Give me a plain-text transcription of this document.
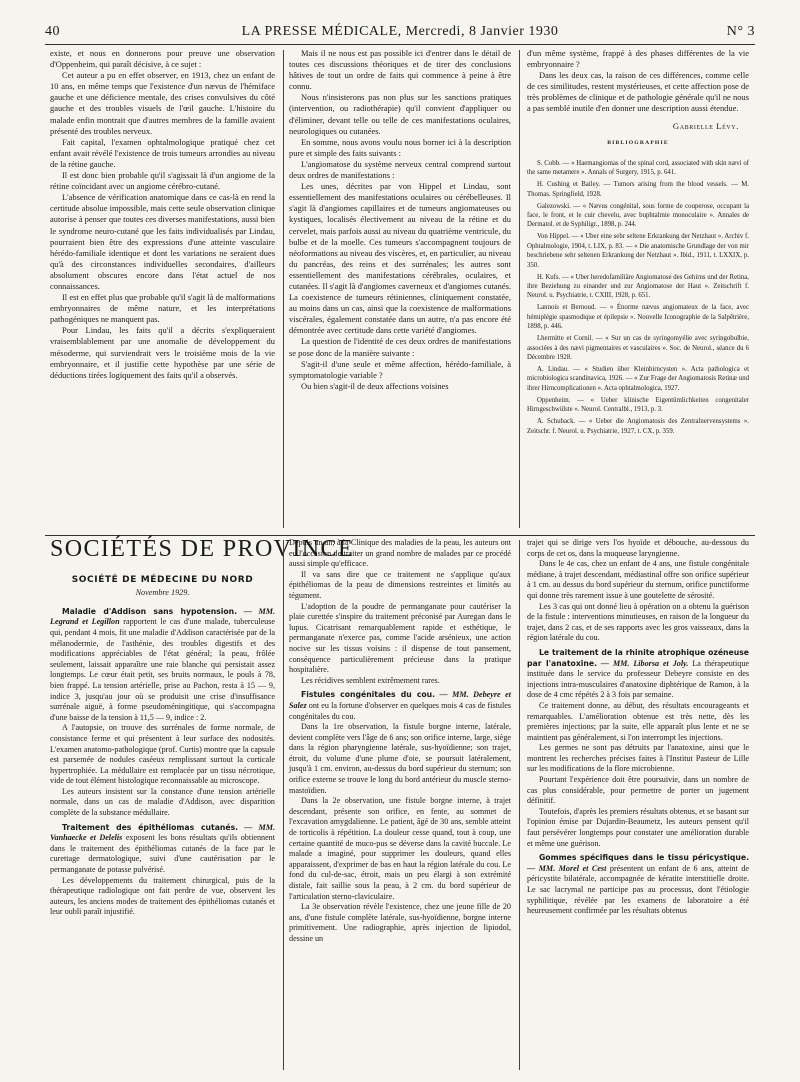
40	LA PRESSE MÉDICALE, Mercredi, 8 Janvier 1930	N° 3

existe, et nous en donnerons pour preuve une observation d'Oppenheim, qui paraît décisive, à ce sujet :

Cet auteur a pu en effet observer, en 1913, chez un enfant de 10 ans, en même temps que l'existence d'un nævus de l'hémiface gauche et une déficience mentale, des crises convulsives du côté gauche et des troubles visuels de l'œil gauche. L'histoire du malade enfin montrait que d'autres membres de la famille avaient présenté des troubles nerveux.

Fait capital, l'examen ophtalmologique pratiqué chez cet enfant avait révélé l'existence de trois tumeurs arrondies au niveau de la rétine gauche.

Il est donc bien probable qu'il s'agissait là d'un angiome de la rétine coïncidant avec un angiome cérébro-cutané.

L'absence de vérification anatomique dans ce cas-là en rend la certitude absolue impossible, mais cette seule observation clinique autorise à penser que toutes ces diverses manifestations, aussi bien le syndrome neuro-cutané que les faits individualisés par Lindau, pourraient bien être des expressions d'une atteinte vasculaire hérédo-familiale identique et dont les variations ne seraient dues qu'à des circonstances individuelles secondaires, d'ailleurs absolument obscures encore dans l'état actuel de nos connaissances.

Il est en effet plus que probable qu'il s'agit là de malformations embryonnaires de même nature, et les interprétations pathogéniques ne manquent pas.

Pour Lindau, les faits qu'il a décrits s'expliqueraient vraisemblablement par une anomalie de développement du mésoderme, qui surviendrait vers le troisième mois de la vie embryonnaire, et il justifie cette hypothèse par une série de déductions tirées logiquement des faits qu'il a observés.

Mais il ne nous est pas possible ici d'entrer dans le détail de toutes ces discussions théoriques et de tirer des conclusions hâtives de tout un ordre de faits qui commence à peine à être connu.

Nous n'insisterons pas non plus sur les sanctions pratiques (intervention, ou radiothérapie) qu'il convient d'appliquer ou d'éliminer, devant telle ou telle de ces manifestations oculaires, neurologiques ou cutanées.

En somme, nous avons voulu nous borner ici à la description pure et simple des faits suivants :

L'angiomatose du système nerveux central comprend surtout deux ordres de manifestations :

Les unes, décrites par von Hippel et Lindau, sont essentiellement des manifestations oculaires ou cérébelleuses. Il s'agit là d'angiomes capillaires et de tumeurs angiomateuses ou kystiques, localisés électivement au niveau de la rétine et du cervelet, mais parfois aussi au niveau du quatrième ventricule, du bulbe et de la moelle. Ces tumeurs s'accompagnent toujours de néoformations au niveau des viscères, et, en particulier, au niveau du pancréas, des reins et des surrénales; les autres sont essentiellement des manifestations cérébrales, oculaires, et cutanées. Il s'agit là d'angiomes caverneux et d'angiomes cutanés. La coexistence de tumeurs rétiniennes, cliniquement constatée, au moins dans un cas, ainsi que la coexistence de malformations viscérales, également constatée dans un autre, n'a pas encore été démontrée avec certitude dans cette variété d'angiomes.

La question de l'identité de ces deux ordres de manifestations se pose donc de la manière suivante :

S'agit-il d'une seule et même affection, hérédo-familiale, à symptomatologie variable ?

Ou bien s'agit-il de deux affections voisines

d'un même système, frappé à des phases différentes de la vie embryonnaire ?

Dans les deux cas, la raison de ces différences, comme celle de ces similitudes, restent mystérieuses, et cette affection pose de très problèmes de clinique et de pathologie générale qu'il ne nous a pas semblé inutile d'en donner une description aussi étendue.

Gabrielle Lévy.
BIBLIOGRAPHIE

S. Cobb. — « Haemangiomas of the spinal cord, associated with skin nævi of the same metamere ». Annals of Surgery, 1915, p. 641.

H. Cushing et Bailey. — Tumors arising from the blood vessels. — M. Thomas. Springfield, 1928.

Galezowski. — « Nævus congénital, sous forme de couperose, occupant la face, le front, et le cuir chevelu, avec buphtalmie monoculaire ». Annales de Dermatol. et de Syphiligr., 1898, p. 244.

Von Hippel. — « Uber eine sehr seltene Erkrankung der Netzhaut ». Archiv f. Ophtalmologie, 1904, t. LIX, p. 83. — « Die anatomische Grundlage der von mir beschriebene sehr seltenen Erkrankung der Netzhaut ». Ibid., 1911, t. LXXIX, p. 350.

H. Kufs. — « Uber heredofamiliäre Angiomatose des Gehirns und der Retina, ihre Beziehung zu einander und zur Angiomatose der Haut ». Zeitschrift f. Neurol. u. Psychiatrie, t. CXIII, 1928, p. 651.

Lannois et Bernoud. — « Énorme nævus angiomateux de la face, avec hémiplégie spasmodique et épilepsie ». Nouvelle Iconographie de la Salpêtrière, 1898, p. 446.

Lhermitte et Cornil. — « Sur un cas de syringomyélie avec syringobulbie, associées à des nævi pigmentaires et vasculaires ». Soc. de Neurol., séance du 6 Décembre 1928.

A. Lindau. — « Studien über Kleinhirncysten ». Acta pathologica et microbiologica scandinavica, 1926. — « Zur Frage der Angiomatosis Retinæ und ihrer Hirncomplicationen ». Acta ophtalmologica, 1927.

Oppenheim. — « Ueber klinische Eigentümlichkeiten congenitaler Hirngeschwülste ». Neurol. Centralbl., 1913, p. 3.

A. Schuback. — « Ueber die Angiomatosis des Zentralnervensystems ». Zeitschr. f. Neurol. u. Psychiatrie, 1927, t. CX, p. 359.

SOCIÉTÉS DE PROVINCE
SOCIÉTÉ DE MÉDECINE DU NORD
Novembre 1929.

Maladie d'Addison sans hypotension. — MM. Legrand et Legillon rapportent le cas d'une malade, tuberculeuse qui, pendant 4 mois, fit une maladie d'Addison caractérisée par de la mélanodermie, de l'asthénie, des troubles digestifs et des modifications appréciables de l'état général; la peau, frôlée seulement, laissait apparaître une raie blanche qui persistait assez longtemps. Le cœur était petit, ses bruits normaux, le pouls à 78, bien frappé. La tension artérielle, prise au Pachon, resta à 15 — 9, indice 3, jusqu'au jour où se produisit une crise d'insuffisance surrénale aiguë, à forme pseudoméningitique, qui s'accompagna d'une baisse de la tension à 11,5 — 9, indice : 2.

A l'autopsie, on trouve des surrénales de forme normale, de consistance ferme et qui présentent à leur surface des nodosités. L'examen anatomo-pathologique (prof. Curtis) montre que la capsule est parsemée de nodules caséeux remplissant surtout la corticale hypertrophiée. La médullaire est remplacée par un tissu nécrotique, vide de tout élément histologique reconnaissable au microscope.

Les auteurs insistent sur la constance d'une tension artérielle normale, dans un cas de maladie d'Addison, avec disparition complète de la substance médullaire.

Traitement des épithéliomas cutanés. — MM. Vanhaecke et Delelis exposent les bons résultats qu'ils obtiennent dans le traitement des épithéliomas cutanés de la face par le curettage dermatologique, suivi d'une cautérisation par le permanganate de potasse pulvérisé.

Les développements du traitement chirurgical, puis de la thérapeutique radiologique ont fait perdre de vue, observent les auteurs, les anciens modes de traitement des épithéliomas cutanés et leur oubli paraît injustifié.

Depuis un an, à la Clinique des maladies de la peau, les auteurs ont eu l'occasion de traiter un grand nombre de malades par ce procédé aussi simple qu'efficace.

Il va sans dire que ce traitement ne s'applique qu'aux épithéliomas de la peau de dimensions restreintes et limités au tégument.

L'adoption de la poudre de permanganate pour cautériser la plaie curettée s'inspire du traitement préconisé par Auregan dans le lupus. Cicatrisant remarquablement rapide et esthétique, le permanganate n'exerce pas, comme l'acide arsénieux, une action nocive sur les tissus voisins : il dispense de tout pansement, conséquence particulièrement précieuse dans la pratique hospitalière.

Les récidives semblent extrêmement rares.

Fistules congénitales du cou. — MM. Debeyre et Salez ont eu la fortune d'observer en quelques mois 4 cas de fistules congénitales du cou.

Dans la 1re observation, la fistule borgne interne, latérale, devient complète vers l'âge de 6 ans; son orifice interne, large, siège dans la région pharyngienne latérale, sus-hyoïdienne; son trajet, étroit, du volume d'une plume d'oie, se poursuit latéralement, jusqu'à 1 cm. environ, au-dessus du bord supérieur du sternum; son orifice externe se trouve le long du bord antérieur du muscle sterno-mastoïdien.

Dans la 2e observation, une fistule borgne interne, à trajet descendant, présente son orifice, en fente, au sommet de l'excavation amygdalienne. Le patient, âgé de 30 ans, semble atteint de torticolis à répétition. La douleur cesse quand, tout à coup, une certaine quantité de muco-pus se déverse dans la cavité buccale. Le malade a imaginé, pour supprimer les douleurs, quand elles apparaissent, d'exprimer de bas en haut la région latérale du cou. Le fond du cul-de-sac, étroit, mais un peu élargi à son extrémité distale, fait saillie sous la peau, à 2 cm. du bord supérieur de l'articulation sterno-claviculaire.

La 3e observation révèle l'existence, chez une jeune fille de 20 ans, d'une fistule complète latérale, sus-hyoïdienne, borgne interne primitivement. Une radiographie, après injection de lipiodol, dessine un

trajet qui se dirige vers l'os hyoïde et débouche, au-dessous du corps de cet os, dans la muqueuse laryngienne.

Dans le 4e cas, chez un enfant de 4 ans, une fistule congénitale médiane, à trajet descendant, médiastinal offre son orifice supérieur à 1 cm. au dessus du bord supérieur du sternum, orifice punctiforme qui donne très rarement issue à une goutelette de sérosité.

Les 3 cas qui ont donné lieu à opération on a obtenu la guérison de la fistule : interventions minutieuses, en raison de la longueur du trajet, dans 2 cas, et de ses rapports avec les gros vaisseaux, dans la région latérale du cou.

Le traitement de la rhinite atrophique ozéneuse par l'anatoxine. — MM. Liborsa et Joly. La thérapeutique instituée dans le service du professeur Debeyre consiste en des injections intra-musculaires d'anatoxine diphtérique de Ramon, à la dose de 4 cmc répétés 2 à 3 fois par semaine.

Ce traitement donne, au début, des résultats encourageants et remarquables. L'amélioration obtenue est très nette, dès les premières injections; par la suite, elle apparaît plus lente et ne se maintient pas généralement, si l'on interrompt les injections.

Les germes ne sont pas détruits par l'anatoxine, ainsi que le montrent les recherches précises faites à l'Institut Pasteur de Lille sur les modifications de la flore microbienne.

Pourtant l'expérience doit être poursuivie, dans un nombre de cas plus considérable, pour permettre de porter un jugement définitif.

Toutefois, d'après les premiers résultats obtenus, et se basant sur l'opinion émise par Dujardin-Beaumetz, les auteurs pensent qu'il faut persévérer longtemps pour constater une amélioration durable et même une guérison.

Gommes spécifiques dans le tissu péricystique. — MM. Morel et Cest présentent un enfant de 6 ans, atteint de péricystite bilatérale, accompagnée de kératite interstitielle droite. Le sac lacrymal ne participe pas au processus, dont l'étiologie syphilitique, révélée par les examens de laboratoire a été heureusement confirmée par les résultats obtenus
